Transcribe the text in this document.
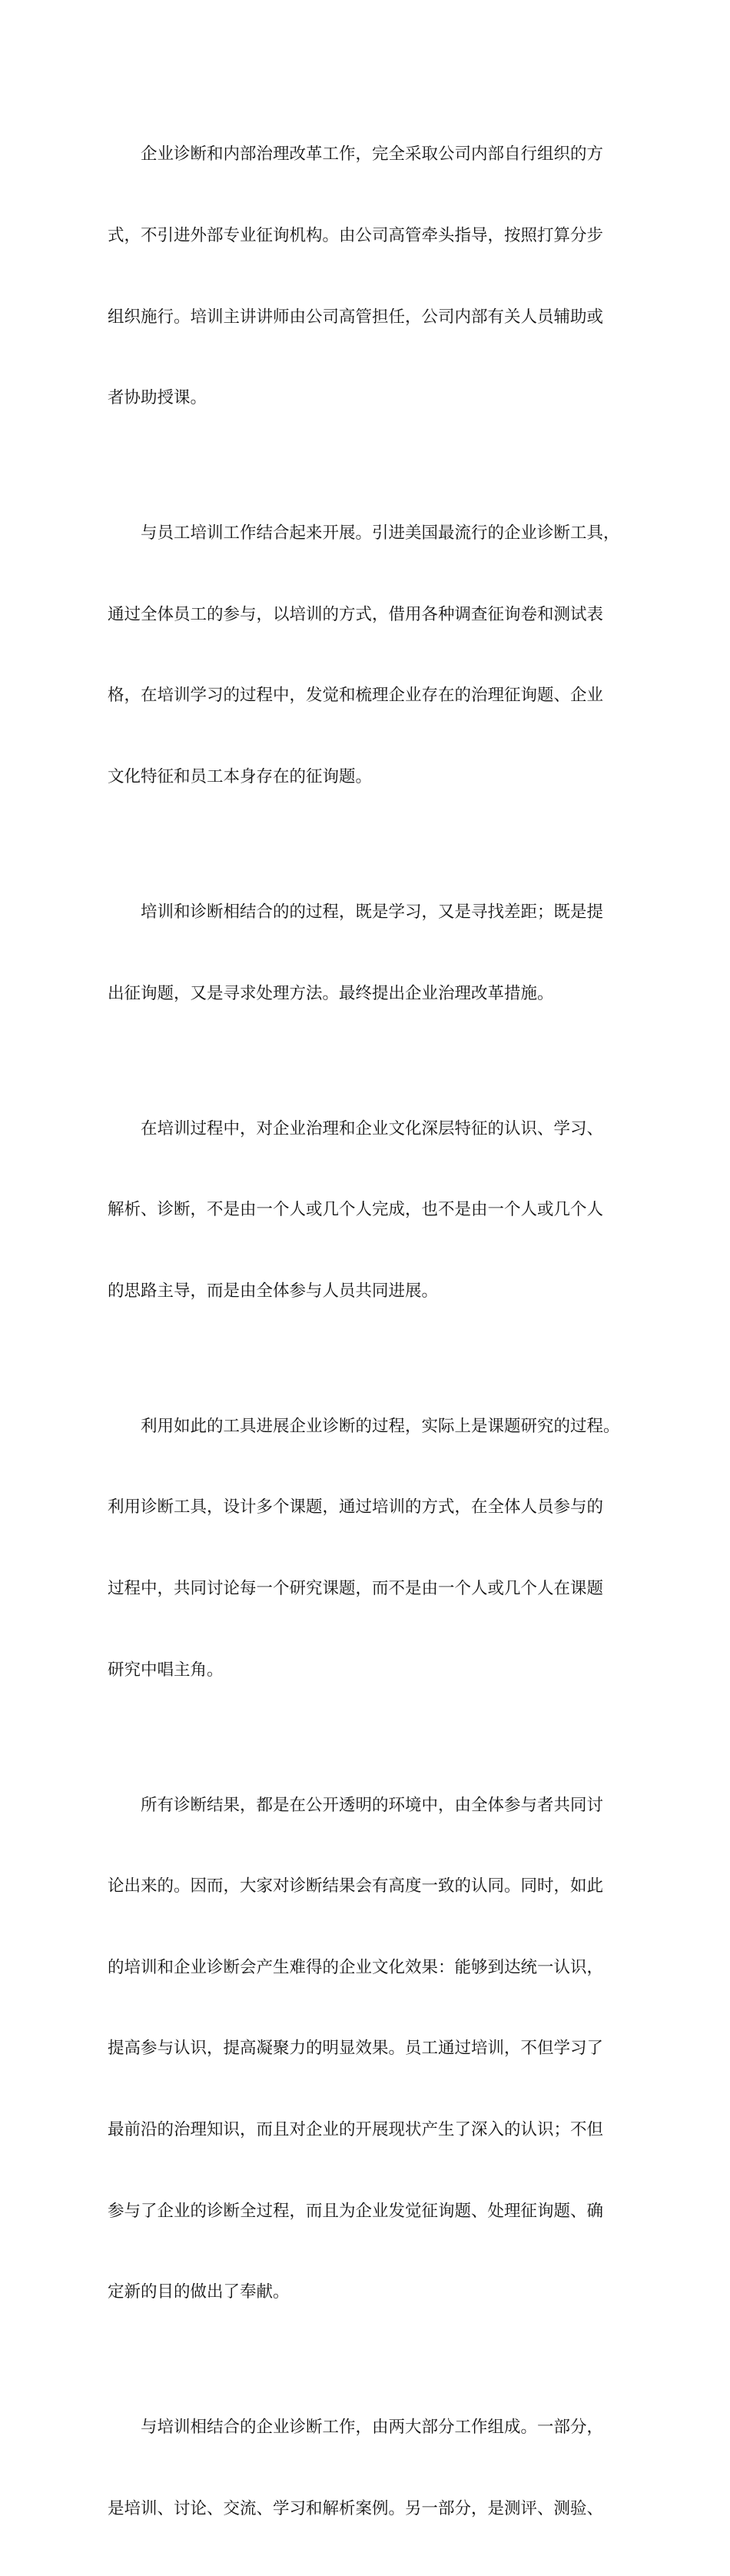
　　企业诊断和内部治理改革工作，完全采取公司内部自行组织的方

式，不引进外部专业征询机构。由公司高管牵头指导，按照打算分步

组织施行。培训主讲讲师由公司高管担任，公司内部有关人员辅助或

者协助授课。

　　与员工培训工作结合起来开展。引进美国最流行的企业诊断工具，

通过全体员工的参与，以培训的方式，借用各种调查征询卷和测试表

格，在培训学习的过程中，发觉和梳理企业存在的治理征询题、企业

文化特征和员工本身存在的征询题。

　　培训和诊断相结合的的过程，既是学习，又是寻找差距；既是提

出征询题，又是寻求处理方法。最终提出企业治理改革措施。

　　在培训过程中，对企业治理和企业文化深层特征的认识、学习、

解析、诊断，不是由一个人或几个人完成，也不是由一个人或几个人

的思路主导，而是由全体参与人员共同进展。

　　利用如此的工具进展企业诊断的过程，实际上是课题研究的过程。

利用诊断工具，设计多个课题，通过培训的方式，在全体人员参与的

过程中，共同讨论每一个研究课题，而不是由一个人或几个人在课题

研究中唱主角。

　　所有诊断结果，都是在公开透明的环境中，由全体参与者共同讨

论出来的。因而，大家对诊断结果会有高度一致的认同。同时，如此

的培训和企业诊断会产生难得的企业文化效果：能够到达统一认识，

提高参与认识，提高凝聚力的明显效果。员工通过培训，不但学习了

最前沿的治理知识，而且对企业的开展现状产生了深入的认识；不但

参与了企业的诊断全过程，而且为企业发觉征询题、处理征询题、确

定新的目的做出了奉献。

　　与培训相结合的企业诊断工作，由两大部分工作组成。一部分，

是培训、讨论、交流、学习和解析案例。另一部分，是测评、测验、
